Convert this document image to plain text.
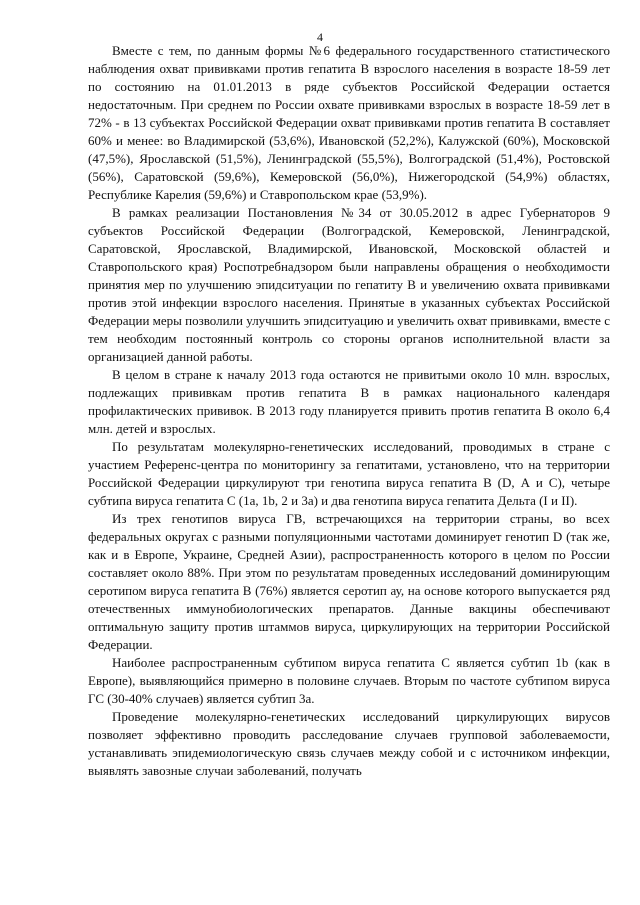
4

Вместе с тем, по данным формы №6 федерального государственного статистического наблюдения охват прививками против гепатита В взрослого населения в возрасте 18-59 лет по состоянию на 01.01.2013 в ряде субъектов Российской Федерации остается недостаточным. При среднем по России охвате прививками взрослых в возрасте 18-59 лет в 72% - в 13 субъектах Российской Федерации охват прививками против гепатита В составляет 60% и менее: во Владимирской (53,6%), Ивановской (52,2%), Калужской (60%), Московской (47,5%), Ярославской (51,5%), Ленинградской (55,5%), Волгоградской (51,4%), Ростовской (56%), Саратовской (59,6%), Кемеровской (56,0%), Нижегородской (54,9%) областях, Республике Карелия (59,6%) и Ставропольском крае (53,9%).

В рамках реализации Постановления №34 от 30.05.2012 в адрес Губернаторов 9 субъектов Российской Федерации (Волгоградской, Кемеровской, Ленинградской, Саратовской, Ярославской, Владимирской, Ивановской, Московской областей и Ставропольского края) Роспотребнадзором были направлены обращения о необходимости принятия мер по улучшению эпидситуации по гепатиту В и увеличению охвата прививками против этой инфекции взрослого населения. Принятые в указанных субъектах Российской Федерации меры позволили улучшить эпидситуацию и увеличить охват прививками, вместе с тем необходим постоянный контроль со стороны органов исполнительной власти за организацией данной работы.

В целом в стране к началу 2013 года остаются не привитыми около 10 млн. взрослых, подлежащих прививкам против гепатита В в рамках национального календаря профилактических прививок. В 2013 году планируется привить против гепатита В около 6,4 млн. детей и взрослых.

По результатам молекулярно-генетических исследований, проводимых в стране с участием Референс-центра по мониторингу за гепатитами, установлено, что на территории Российской Федерации циркулируют три генотипа вируса гепатита В (D, А и С), четыре субтипа вируса гепатита С (1а, 1b, 2 и 3а) и два генотипа вируса гепатита Дельта (I и II).

Из трех генотипов вируса ГВ, встречающихся на территории страны, во всех федеральных округах с разными популяционными частотами доминирует генотип D (так же, как и в Европе, Украине, Средней Азии), распространенность которого в целом по России составляет около 88%. При этом по результатам проведенных исследований доминирующим серотипом вируса гепатита В (76%) является серотип ау, на основе которого выпускается ряд отечественных иммунобиологических препаратов. Данные вакцины обеспечивают оптимальную защиту против штаммов вируса, циркулирующих на территории Российской Федерации.

Наиболее распространенным субтипом вируса гепатита С является субтип 1b (как в Европе), выявляющийся примерно в половине случаев. Вторым по частоте субтипом вируса ГС (30-40% случаев) является субтип 3а.

Проведение молекулярно-генетических исследований циркулирующих вирусов позволяет эффективно проводить расследование случаев групповой заболеваемости, устанавливать эпидемиологическую связь случаев между собой и с источником инфекции, выявлять завозные случаи заболеваний, получать
